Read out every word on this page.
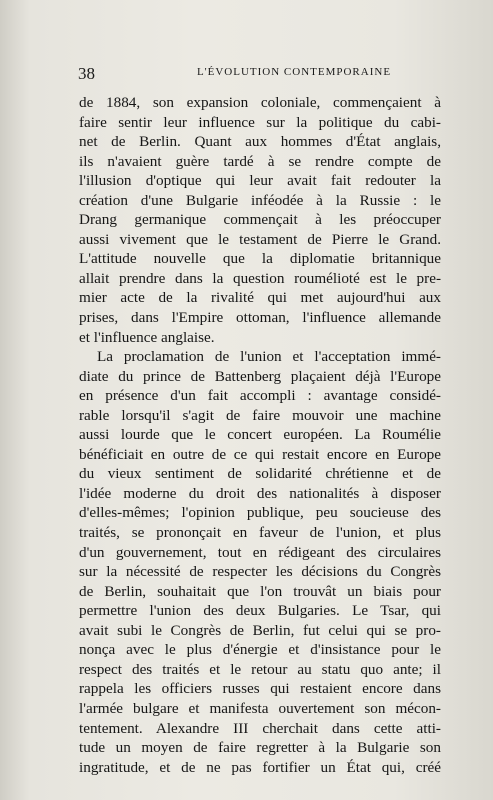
38	L'ÉVOLUTION CONTEMPORAINE
de 1884, son expansion coloniale, commençaient à
faire sentir leur influence sur la politique du cabi-
net de Berlin. Quant aux hommes d'État anglais,
ils n'avaient guère tardé à se rendre compte de
l'illusion d'optique qui leur avait fait redouter la
création d'une Bulgarie inféodée à la Russie : le
Drang germanique commençait à les préoccuper
aussi vivement que le testament de Pierre le Grand.
L'attitude nouvelle que la diplomatie britannique
allait prendre dans la question roumélioté est le pre-
mier acte de la rivalité qui met aujourd'hui aux
prises, dans l'Empire ottoman, l'influence allemande
et l'influence anglaise.
La proclamation de l'union et l'acceptation immé-
diate du prince de Battenberg plaçaient déjà l'Europe
en présence d'un fait accompli : avantage considé-
rable lorsqu'il s'agit de faire mouvoir une machine
aussi lourde que le concert européen. La Roumélie
bénéficiait en outre de ce qui restait encore en Europe
du vieux sentiment de solidarité chrétienne et de
l'idée moderne du droit des nationalités à disposer
d'elles-mêmes; l'opinion publique, peu soucieuse des
traités, se prononçait en faveur de l'union, et plus
d'un gouvernement, tout en rédigeant des circulaires
sur la nécessité de respecter les décisions du Congrès
de Berlin, souhaitait que l'on trouvât un biais pour
permettre l'union des deux Bulgaries. Le Tsar, qui
avait subi le Congrès de Berlin, fut celui qui se pro-
nonça avec le plus d'énergie et d'insistance pour le
respect des traités et le retour au statu quo ante; il
rappela les officiers russes qui restaient encore dans
l'armée bulgare et manifesta ouvertement son mécon-
tentement. Alexandre III cherchait dans cette atti-
tude un moyen de faire regretter à la Bulgarie son
ingratitude, et de ne pas fortifier un État qui, créé
